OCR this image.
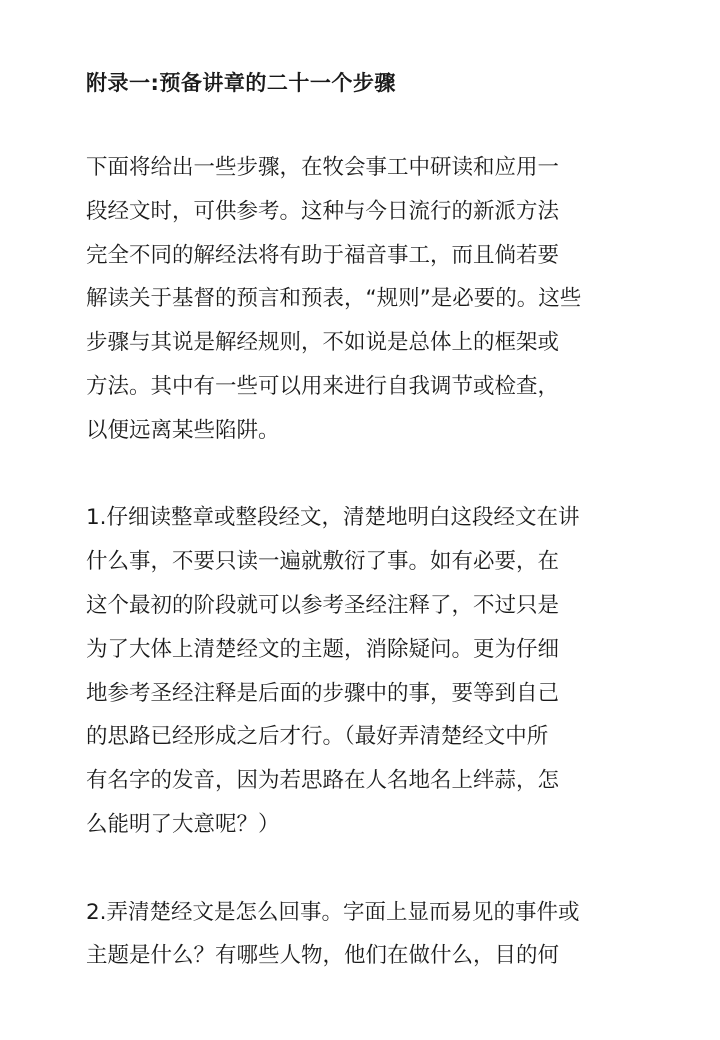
附录一:预备讲章的二十一个步骤
下面将给出一些步骤，在牧会事工中研读和应用一
段经文时，可供参考。这种与今日流行的新派方法
完全不同的解经法将有助于福音事工，而且倘若要
解读关于基督的预言和预表，“规则”是必要的。这些
步骤与其说是解经规则，不如说是总体上的框架或
方法。其中有一些可以用来进行自我调节或检查，
以便远离某些陷阱。
1.仔细读整章或整段经文，清楚地明白这段经文在讲
什么事，不要只读一遍就敷衍了事。如有必要，在
这个最初的阶段就可以参考圣经注释了，不过只是
为了大体上清楚经文的主题，消除疑问。更为仔细
地参考圣经注释是后面的步骤中的事，要等到自己
的思路已经形成之后才行。（最好弄清楚经文中所
有名字的发音，因为若思路在人名地名上绊蒜，怎
么能明了大意呢？）
2.弄清楚经文是怎么回事。字面上显而易见的事件或
主题是什么？有哪些人物，他们在做什么，目的何
